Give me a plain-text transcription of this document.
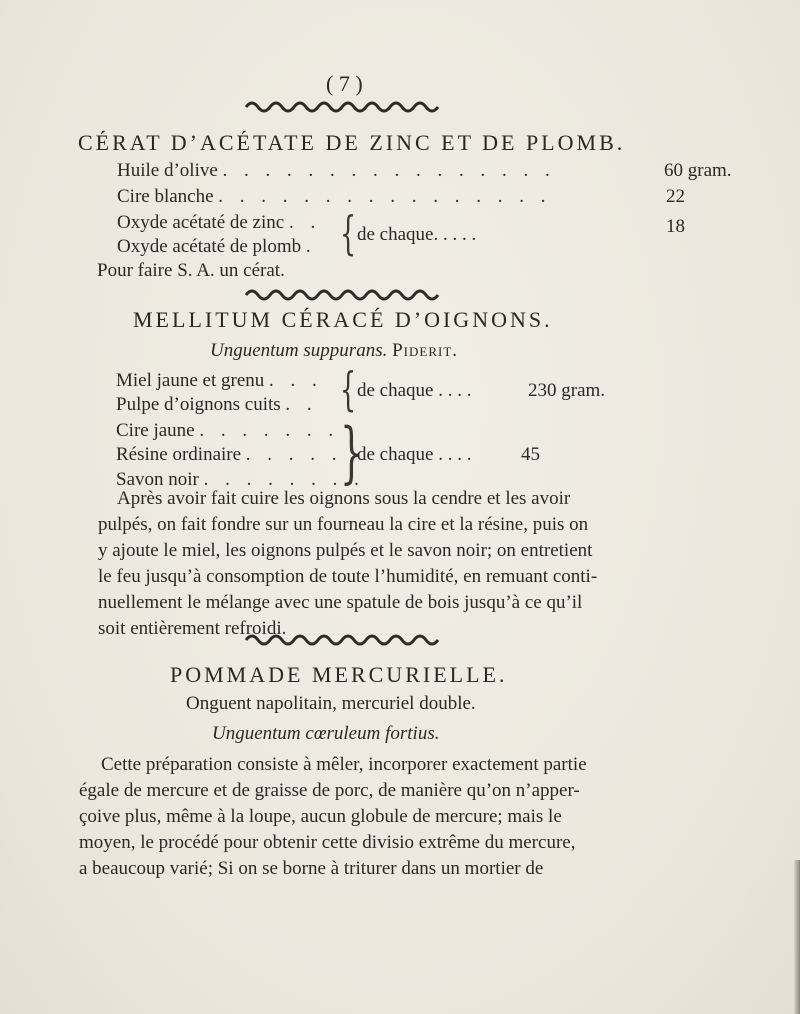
( 7 )
CÉRAT D’ACÉTATE DE ZINC ET DE PLOMB.
Huile d’olive . . . . . . . . . . . . . . . .	60 gram.
Cire blanche . . . . . . . . . . . . . . . .	22
Oxyde acétaté de zinc . .
Oxyde acétaté de plomb . { de chaque. . . . .	18
Pour faire S. A. un cérat.
MELLITUM CÉRACÉ D’OIGNONS.
Unguentum suppurans. Piderit.
Miel jaune et grenu . . .
Pulpe d’oignons cuits . . { de chaque . . . .	230 gram.
Cire jaune . . . . . . .
Résine ordinaire . . . . .
Savon noir . . . . . . . .
}
de chaque . . . .	45
Après avoir fait cuire les oignons sous la cendre et les avoir
pulpés, on fait fondre sur un fourneau la cire et la résine, puis on
y ajoute le miel, les oignons pulpés et le savon noir; on entretient
le feu jusqu’à consomption de toute l’humidité, en remuant conti-
nuellement le mélange avec une spatule de bois jusqu’à ce qu’il
soit entièrement refroidi.
POMMADE MERCURIELLE.
Onguent napolitain, mercuriel double.
Unguentum cœruleum fortius.
Cette préparation consiste à mêler, incorporer exactement partie
égale de mercure et de graisse de porc, de manière qu’on n’apper-
çoive plus, même à la loupe, aucun globule de mercure; mais le
moyen, le procédé pour obtenir cette divisio extrême du mercure,
a beaucoup varié; Si on se borne à triturer dans un mortier de
